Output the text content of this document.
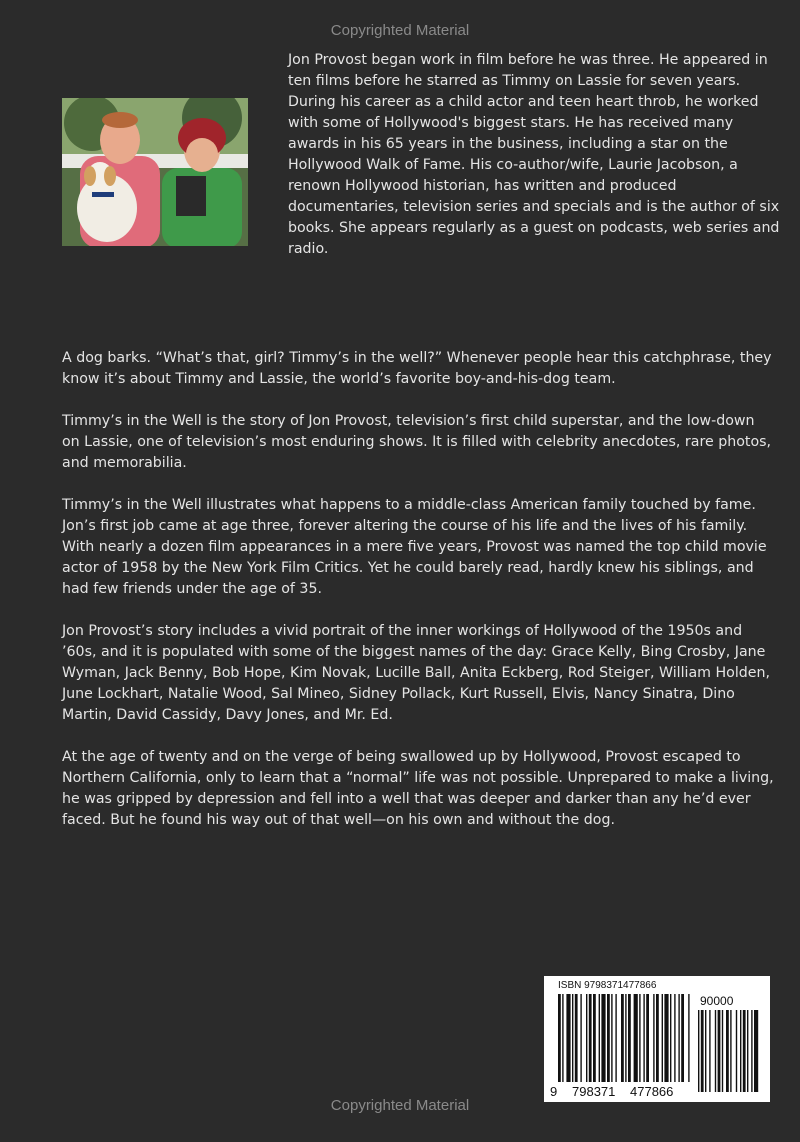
Copyrighted Material

Jon Provost began work in film before he was three. He appeared in ten films before he starred as Timmy on Lassie for seven years. During his career as a child actor and teen heart throb, he worked with some of Hollywood's biggest stars. He has received many awards in his 65 years in the business, including a star on the Hollywood Walk of Fame. His co-author/wife, Laurie Jacobson, a renown Hollywood historian, has written and produced documentaries, television series and specials and is the author of six books. She appears regularly as a guest on podcasts, web series and radio.

A dog barks. “What’s that, girl? Timmy’s in the well?” Whenever people hear this catchphrase, they know it’s about Timmy and Lassie, the world’s favorite boy-and-his-dog team.

Timmy’s in the Well is the story of Jon Provost, television’s first child superstar, and the low-down on Lassie, one of television’s most enduring shows. It is filled with celebrity anecdotes, rare photos, and memorabilia.

Timmy’s in the Well illustrates what happens to a middle-class American family touched by fame. Jon’s first job came at age three, forever altering the course of his life and the lives of his family. With nearly a dozen film appearances in a mere five years, Provost was named the top child movie actor of 1958 by the New York Film Critics. Yet he could barely read, hardly knew his siblings, and had few friends under the age of 35.

Jon Provost’s story includes a vivid portrait of the inner workings of Hollywood of the 1950s and ’60s, and it is populated with some of the biggest names of the day: Grace Kelly, Bing Crosby, Jane Wyman, Jack Benny, Bob Hope, Kim Novak, Lucille Ball, Anita Eckberg, Rod Steiger, William Holden, June Lockhart, Natalie Wood, Sal Mineo, Sidney Pollack, Kurt Russell, Elvis, Nancy Sinatra, Dino Martin, David Cassidy, Davy Jones, and Mr. Ed.

At the age of twenty and on the verge of being swallowed up by Hollywood, Provost escaped to Northern California, only to learn that a “normal” life was not possible. Unprepared to make a living, he was gripped by depression and fell into a well that was deeper and darker than any he’d ever faced. But he found his way out of that well—on his own and without the dog.

ISBN 9798371477866
90000
9 798371 477866
Copyrighted Material
